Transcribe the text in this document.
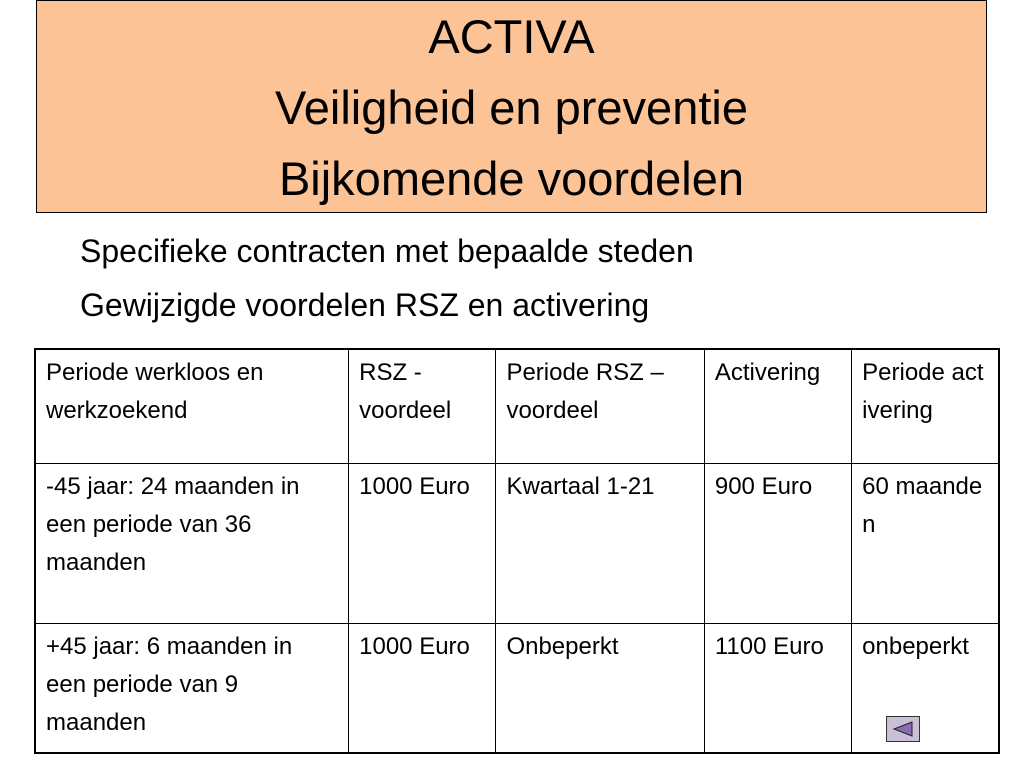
ACTIVA
Veiligheid en preventie
Bijkomende voordelen
Specifieke contracten met bepaalde steden
Gewijzigde voordelen RSZ en activering
Periode werkloos en werkzoekend	RSZ - voordeel	Periode RSZ – voordeel	Activering	Periode activering

-45 jaar: 24 maanden in een periode van 36 maanden	1000 Euro	Kwartaal 1-21	900 Euro	60 maanden

+45 jaar: 6 maanden in een periode van 9 maanden	1000 Euro	Onbeperkt	1100 Euro	onbeperkt
